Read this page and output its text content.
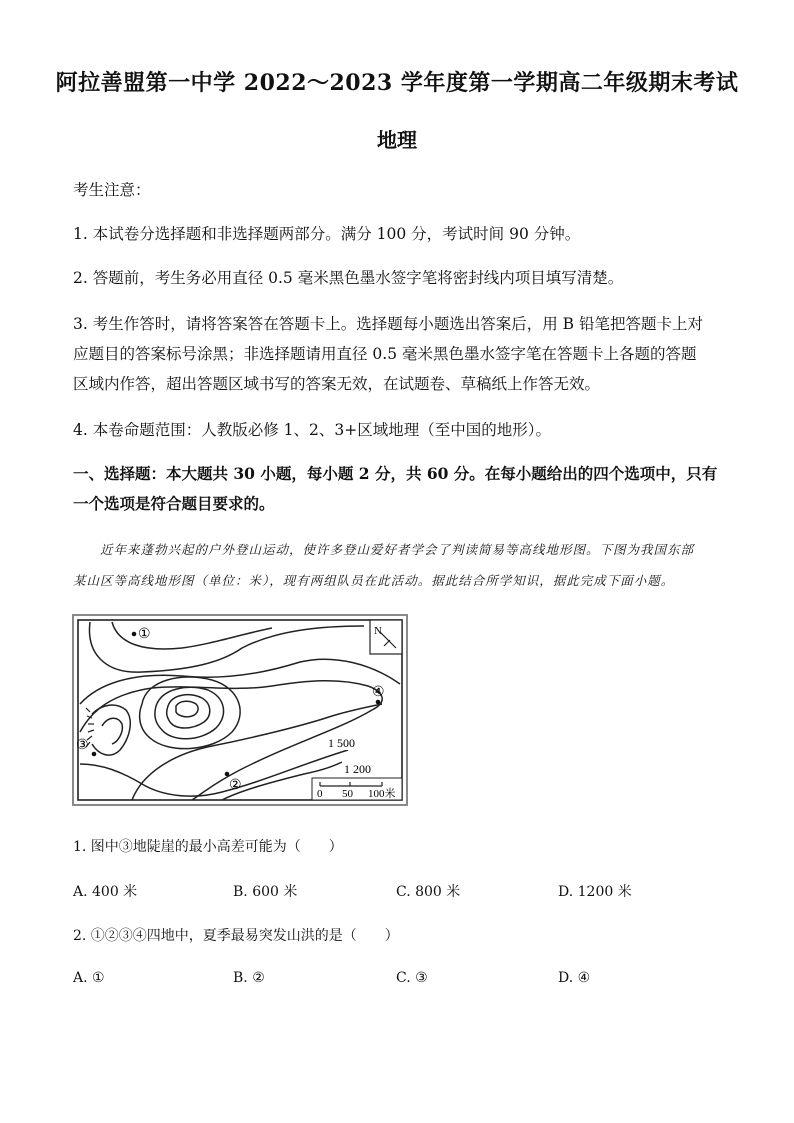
阿拉善盟第一中学 2022～2023 学年度第一学期高二年级期末考试
地理
考生注意：
1. 本试卷分选择题和非选择题两部分。满分 100 分，考试时间 90 分钟。
2. 答题前，考生务必用直径 0.5 毫米黑色墨水签字笔将密封线内项目填写清楚。
3. 考生作答时，请将答案答在答题卡上。选择题每小题选出答案后，用 B 铅笔把答题卡上对
应题目的答案标号涂黑；非选择题请用直径 0.5 毫米黑色墨水签字笔在答题卡上各题的答题
区域内作答，超出答题区域书写的答案无效，在试题卷、草稿纸上作答无效。
4. 本卷命题范围：人教版必修 1、2、3+区域地理（至中国的地形）。
一、选择题：本大题共 30 小题，每小题 2 分，共 60 分。在每小题给出的四个选项中，只有
一个选项是符合题目要求的。
近年来蓬勃兴起的户外登山运动，使许多登山爱好者学会了判读简易等高线地形图。下图为我国东部
某山区等高线地形图（单位：米），现有两组队员在此活动。据此结合所学知识，据此完成下面小题。
N
①
②
③
④
1 500
1 200
0 50 100米
1. 图中③地陡崖的最小高差可能为（　　）
A. 400 米	B. 600 米	C. 800 米	D. 1200 米
2. ①②③④四地中，夏季最易突发山洪的是（　　）
A. ①	B. ②	C. ③	D. ④
